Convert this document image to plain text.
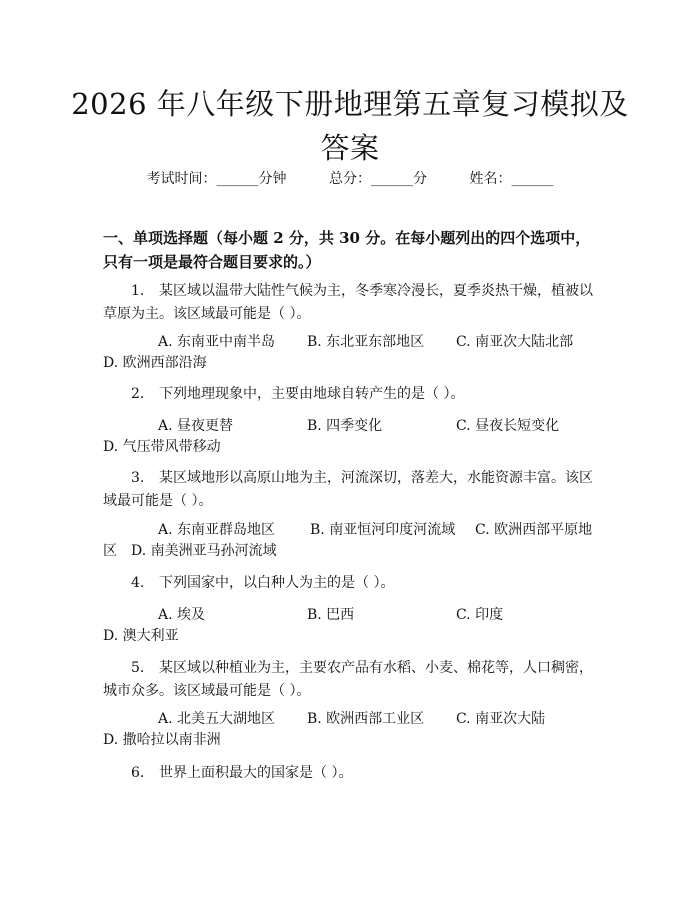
2026 年八年级下册地理第五章复习模拟及答案
考试时间：______分钟	总分：______分	姓名：______
一、单项选择题（每小题 2 分，共 30 分。在每小题列出的四个选项中，只有一项是最符合题目要求的。）
1. 某区域以温带大陆性气候为主，冬季寒冷漫长，夏季炎热干燥，植被以草原为主。该区域最可能是（ ）。
A. 东南亚中南半岛	B. 东北亚东部地区	C. 南亚次大陆北部
D. 欧洲西部沿海
2. 下列地理现象中，主要由地球自转产生的是（ ）。
A. 昼夜更替	B. 四季变化	C. 昼夜长短变化
D. 气压带风带移动
3. 某区域地形以高原山地为主，河流深切，落差大，水能资源丰富。该区域最可能是（ ）。
A. 东南亚群岛地区	B. 南亚恒河印度河流域	C. 欧洲西部平原地
区 D. 南美洲亚马孙河流域
4. 下列国家中，以白种人为主的是（ ）。
A. 埃及	B. 巴西	C. 印度
D. 澳大利亚
5. 某区域以种植业为主，主要农产品有水稻、小麦、棉花等，人口稠密，城市众多。该区域最可能是（ ）。
A. 北美五大湖地区	B. 欧洲西部工业区	C. 南亚次大陆
D. 撒哈拉以南非洲
6. 世界上面积最大的国家是（ ）。
